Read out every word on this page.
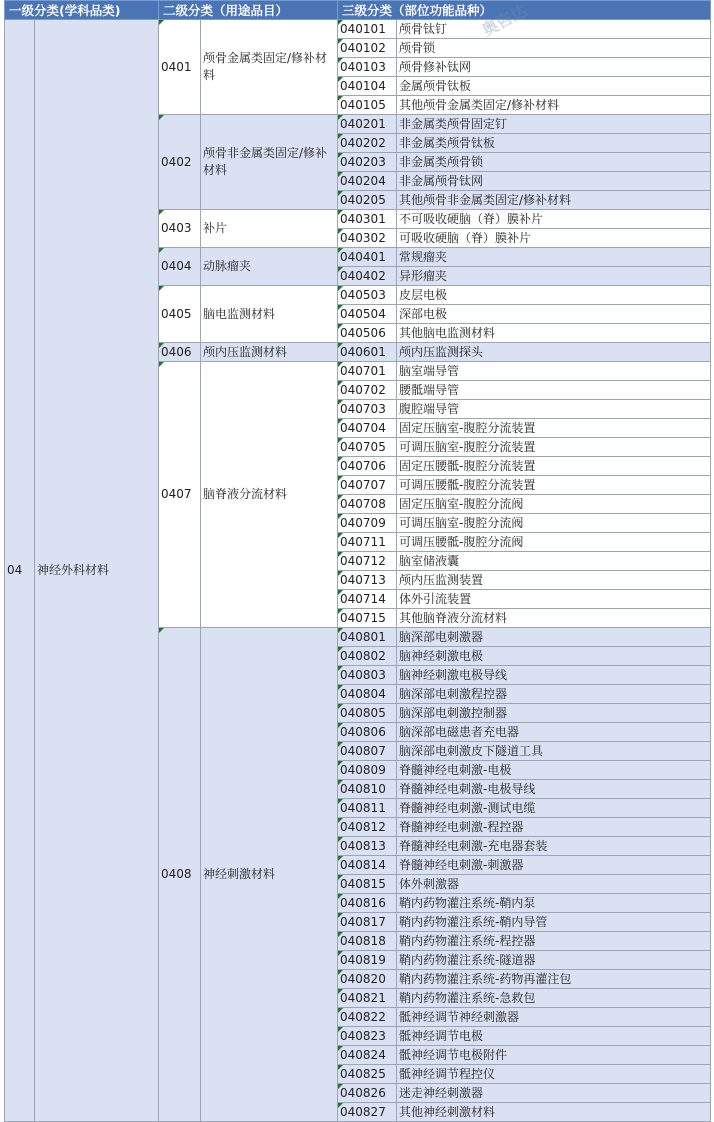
一级分类(学科品类)		二级分类（用途品目）		三级分类（部位功能品种）	
04	神经外科材料	0401	颅骨金属类固定/修补材料	040101	颅骨钛钉
				040102	颅骨锁
				040103	颅骨修补钛网
				040104	金属颅骨钛板
				040105	其他颅骨金属类固定/修补材料
		0402	颅骨非金属类固定/修补材料	040201	非金属类颅骨固定钉
				040202	非金属类颅骨钛板
				040203	非金属类颅骨锁
				040204	非金属颅骨钛网
				040205	其他颅骨非金属类固定/修补材料
		0403	补片	040301	不可吸收硬脑（脊）膜补片
				040302	可吸收硬脑（脊）膜补片
		0404	动脉瘤夹	040401	常规瘤夹
				040402	异形瘤夹
		0405	脑电监测材料	040503	皮层电极
				040504	深部电极
				040506	其他脑电监测材料
		0406	颅内压监测材料	040601	颅内压监测探头
		0407	脑脊液分流材料	040701	脑室端导管
				040702	腰骶端导管
				040703	腹腔端导管
				040704	固定压脑室-腹腔分流装置
				040705	可调压脑室-腹腔分流装置
				040706	固定压腰骶-腹腔分流装置
				040707	可调压腰骶-腹腔分流装置
				040708	固定压脑室-腹腔分流阀
				040709	可调压脑室-腹腔分流阀
				040711	可调压腰骶-腹腔分流阀
				040712	脑室储液囊
				040713	颅内压监测装置
				040714	体外引流装置
				040715	其他脑脊液分流材料
		0408	神经刺激材料	040801	脑深部电刺激器
				040802	脑神经刺激电极
				040803	脑神经刺激电极导线
				040804	脑深部电刺激程控器
				040805	脑深部电刺激控制器
				040806	脑深部电磁患者充电器
				040807	脑深部电刺激皮下隧道工具
				040809	脊髓神经电刺激-电极
				040810	脊髓神经电刺激-电极导线
				040811	脊髓神经电刺激-测试电缆
				040812	脊髓神经电刺激-程控器
				040813	脊髓神经电刺激-充电器套装
				040814	脊髓神经电刺激-刺激器
				040815	体外刺激器
				040816	鞘内药物灌注系统-鞘内泵
				040817	鞘内药物灌注系统-鞘内导管
				040818	鞘内药物灌注系统-程控器
				040819	鞘内药物灌注系统-隧道器
				040820	鞘内药物灌注系统-药物再灌注包
				040821	鞘内药物灌注系统-急救包
				040822	骶神经调节神经刺激器
				040823	骶神经调节电极
				040824	骶神经调节电极附件
				040825	骶神经调节程控仪
				040826	迷走神经刺激器
				040827	其他神经刺激材料
奥咨达
